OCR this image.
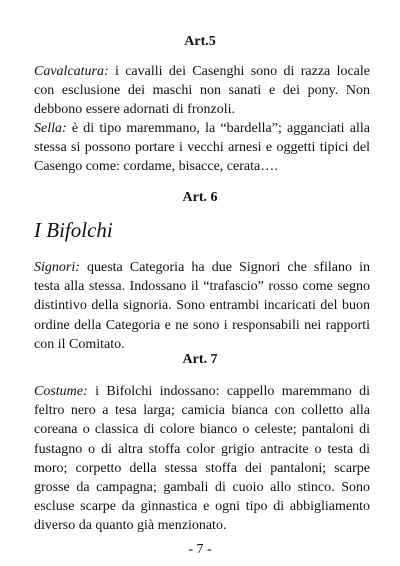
Art.5

Cavalcatura: i cavalli dei Casenghi sono di razza locale con esclusione dei maschi non sanati e dei pony. Non debbono essere adornati di fronzoli.

Sella: è di tipo maremmano, la “bardella”; agganciati alla stessa si possono portare i vecchi arnesi e oggetti tipici del Casengo come: cordame, bisacce, cerata….

Art. 6
I Bifolchi

Signori: questa Categoria ha due Signori che sfilano in testa alla stessa. Indossano il “trafascio” rosso come segno distintivo della signoria. Sono entrambi incaricati del buon ordine della Categoria e ne sono i responsabili nei rapporti con il Comitato.

Art. 7

Costume: i Bifolchi indossano: cappello maremmano di feltro nero a tesa larga; camicia bianca con colletto alla coreana o classica di colore bianco o celeste; pantaloni di fustagno o di altra stoffa color grigio antracite o testa di moro; corpetto della stessa stoffa dei pantaloni; scarpe grosse da campagna; gambali di cuoio allo stinco. Sono escluse scarpe da ginnastica e ogni tipo di abbigliamento diverso da quanto già menzionato.

- 7 -
